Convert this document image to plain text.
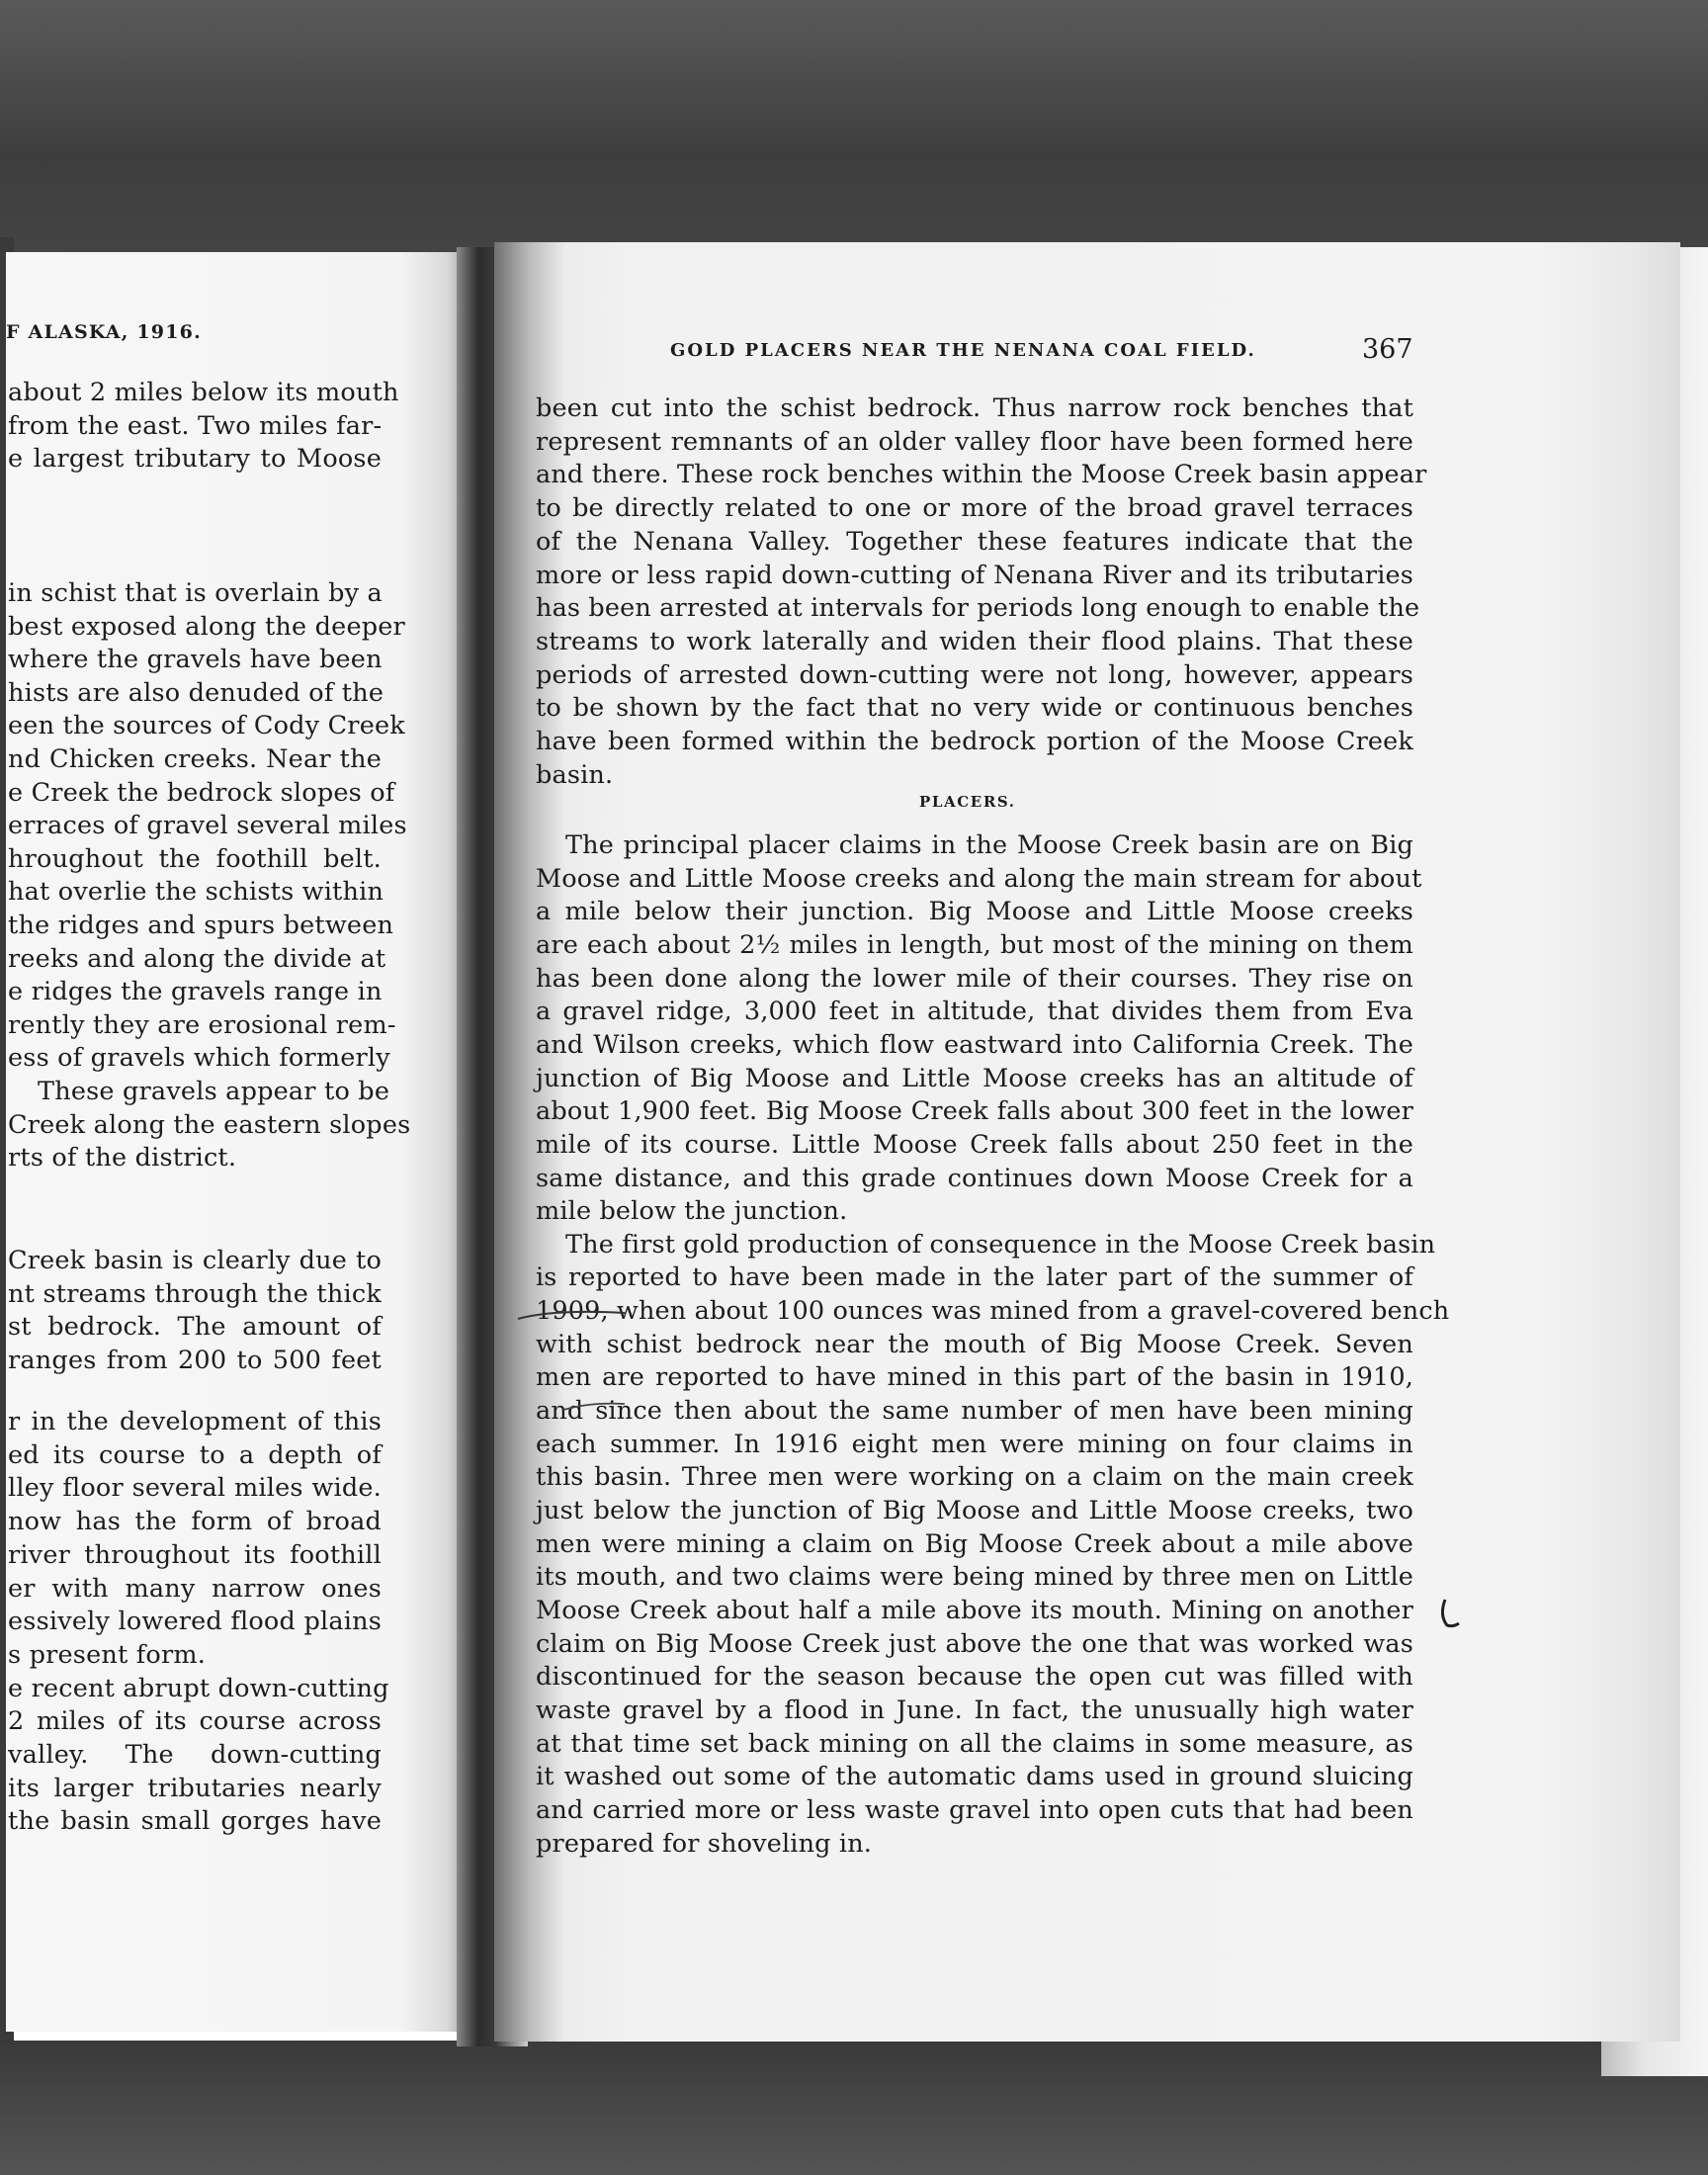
F ALASKA, 1916.
about 2 miles below its mouth
from the east. Two miles far-
e largest tributary to Moose
in schist that is overlain by a
best exposed along the deeper
where the gravels have been
hists are also denuded of the
een the sources of Cody Creek
nd Chicken creeks. Near the
e Creek the bedrock slopes of
erraces of gravel several miles
hroughout the foothill belt.
hat overlie the schists within
the ridges and spurs between
reeks and along the divide at
e ridges the gravels range in
rently they are erosional rem-
ess of gravels which formerly
These gravels appear to be
Creek along the eastern slopes
rts of the district.
Creek basin is clearly due to
nt streams through the thick
st bedrock. The amount of
ranges from 200 to 500 feet
r in the development of this
ed its course to a depth of
lley floor several miles wide.
now has the form of broad
river throughout its foothill
er with many narrow ones
essively lowered flood plains
s present form.
e recent abrupt down-cutting
2 miles of its course across
valley. The down-cutting
its larger tributaries nearly
the basin small gorges have
GOLD PLACERS NEAR THE NENANA COAL FIELD.	367
been cut into the schist bedrock. Thus narrow rock benches that
represent remnants of an older valley floor have been formed here
and there. These rock benches within the Moose Creek basin appear
to be directly related to one or more of the broad gravel terraces
of the Nenana Valley. Together these features indicate that the
more or less rapid down-cutting of Nenana River and its tributaries
has been arrested at intervals for periods long enough to enable the
streams to work laterally and widen their flood plains. That these
periods of arrested down-cutting were not long, however, appears
to be shown by the fact that no very wide or continuous benches
have been formed within the bedrock portion of the Moose Creek
basin.
PLACERS.
The principal placer claims in the Moose Creek basin are on Big
Moose and Little Moose creeks and along the main stream for about
a mile below their junction. Big Moose and Little Moose creeks
are each about 2½ miles in length, but most of the mining on them
has been done along the lower mile of their courses. They rise on
a gravel ridge, 3,000 feet in altitude, that divides them from Eva
and Wilson creeks, which flow eastward into California Creek. The
junction of Big Moose and Little Moose creeks has an altitude of
about 1,900 feet. Big Moose Creek falls about 300 feet in the lower
mile of its course. Little Moose Creek falls about 250 feet in the
same distance, and this grade continues down Moose Creek for a
mile below the junction.
The first gold production of consequence in the Moose Creek basin
is reported to have been made in the later part of the summer of
1909, when about 100 ounces was mined from a gravel-covered bench
with schist bedrock near the mouth of Big Moose Creek. Seven
men are reported to have mined in this part of the basin in 1910,
and since then about the same number of men have been mining
each summer. In 1916 eight men were mining on four claims in
this basin. Three men were working on a claim on the main creek
just below the junction of Big Moose and Little Moose creeks, two
men were mining a claim on Big Moose Creek about a mile above
its mouth, and two claims were being mined by three men on Little
Moose Creek about half a mile above its mouth. Mining on another
claim on Big Moose Creek just above the one that was worked was
discontinued for the season because the open cut was filled with
waste gravel by a flood in June. In fact, the unusually high water
at that time set back mining on all the claims in some measure, as
it washed out some of the automatic dams used in ground sluicing
and carried more or less waste gravel into open cuts that had been
prepared for shoveling in.
